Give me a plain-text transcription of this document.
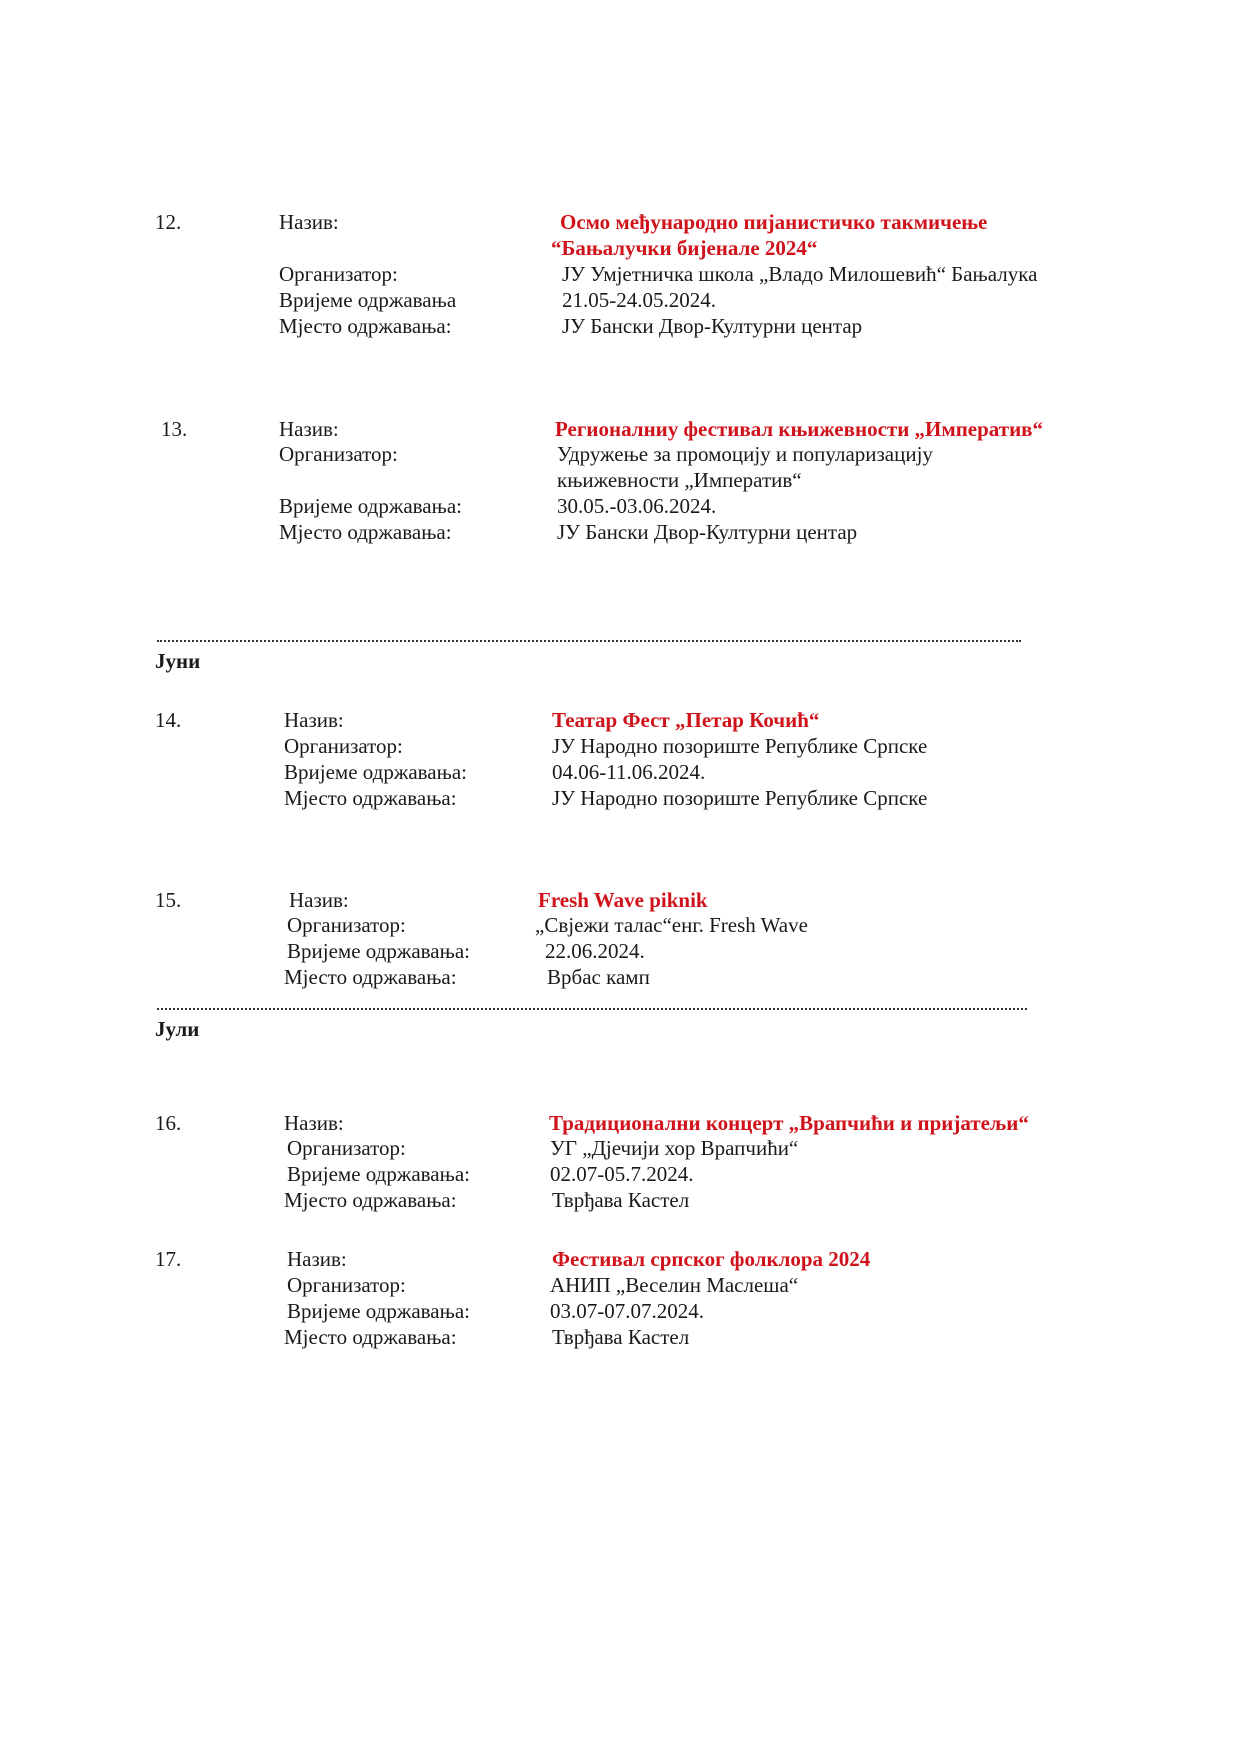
12.	Назив:	Осмо међународно пијанистичко такмичење

“Бањалучки бијенале 2024“

Организатор:	ЈУ Умјетничка школа „Владо Милошевић“ Бањалука

Вријеме одржавања	21.05-24.05.2024.

Мјесто одржавања:	ЈУ Бански Двор-Културни центар

13.	Назив:	Регионалниу фестивал књижевности „Императив“

Организатор:	Удружење за промоцију и популаризацију

књижевности „Императив“

Вријеме одржавања:	30.05.-03.06.2024.

Мјесто одржавања:	ЈУ Бански Двор-Културни центар

Јуни

14.	Назив:	Театар Фест „Петар Кочић“

Организатор:	ЈУ Народно позориште Републике Српске

Вријеме одржавања:	04.06-11.06.2024.

Мјесто одржавања:	ЈУ Народно позориште Републике Српске

15.	Назив:	Fresh Wave piknik

Организатор:	„Свјежи талас“енг. Fresh Wave

Вријеме одржавања:	22.06.2024.

Мјесто одржавања:	Врбас камп

Јули

16.	Назив:	Традиционални концерт „Врапчићи и пријатељи“

Организатор:	УГ „Дјечији хор Врапчићи“

Вријеме одржавања:	02.07-05.7.2024.

Мјесто одржавања:	Тврђава Кастел

17.	Назив:	Фестивал српског фолклора 2024

Организатор:	АНИП „Веселин Маслеша“

Вријеме одржавања:	03.07-07.07.2024.

Мјесто одржавања:	Тврђава Кастел
